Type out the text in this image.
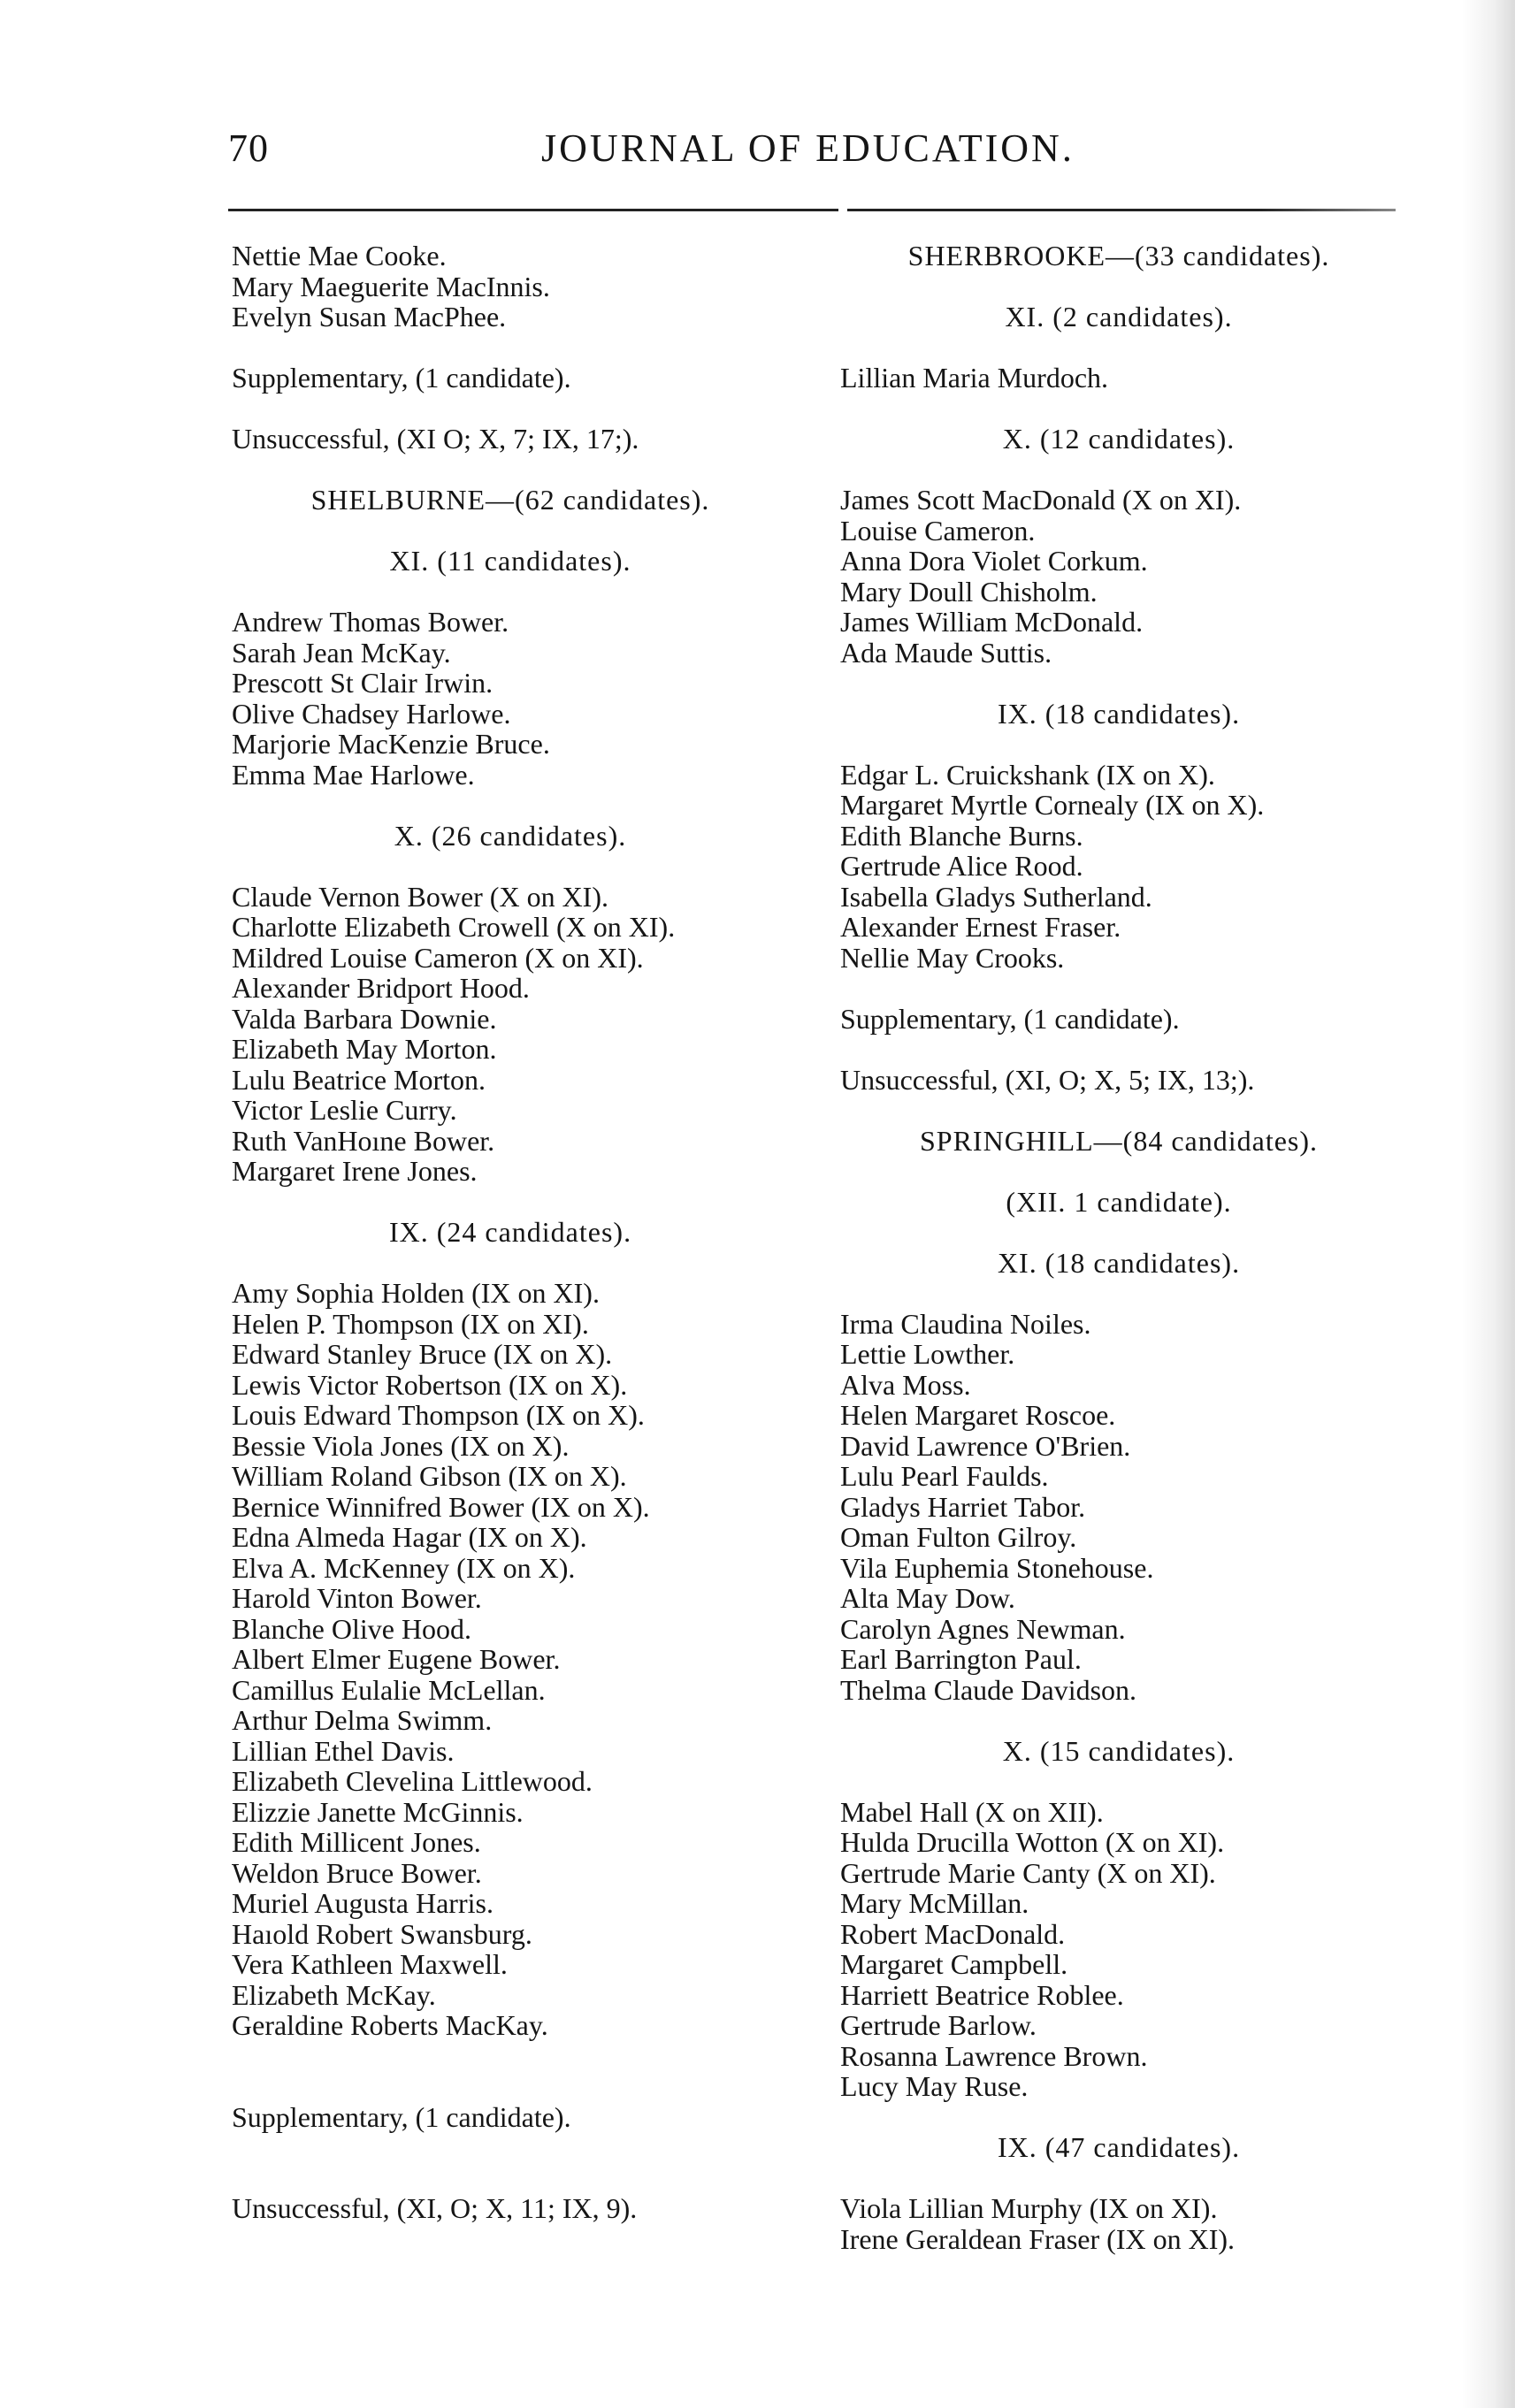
70	JOURNAL OF EDUCATION.
Nettie Mae Cooke.
Mary Maeguerite MacInnis.
Evelyn Susan MacPhee.
Supplementary, (1 candidate).
Unsuccessful, (XI O; X, 7; IX, 17;).
SHELBURNE—(62 candidates).
XI. (11 candidates).
Andrew Thomas Bower.
Sarah Jean McKay.
Prescott St Clair Irwin.
Olive Chadsey Harlowe.
Marjorie MacKenzie Bruce.
Emma Mae Harlowe.
X. (26 candidates).
Claude Vernon Bower (X on XI).
Charlotte Elizabeth Crowell (X on XI).
Mildred Louise Cameron (X on XI).
Alexander Bridport Hood.
Valda Barbara Downie.
Elizabeth May Morton.
Lulu Beatrice Morton.
Victor Leslie Curry.
Ruth VanHoıne Bower.
Margaret Irene Jones.
IX. (24 candidates).
Amy Sophia Holden (IX on XI).
Helen P. Thompson (IX on XI).
Edward Stanley Bruce (IX on X).
Lewis Victor Robertson (IX on X).
Louis Edward Thompson (IX on X).
Bessie Viola Jones (IX on X).
William Roland Gibson (IX on X).
Bernice Winnifred Bower (IX on X).
Edna Almeda Hagar (IX on X).
Elva A. McKenney (IX on X).
Harold Vinton Bower.
Blanche Olive Hood.
Albert Elmer Eugene Bower.
Camillus Eulalie McLellan.
Arthur Delma Swimm.
Lillian Ethel Davis.
Elizabeth Clevelina Littlewood.
Elizzie Janette McGinnis.
Edith Millicent Jones.
Weldon Bruce Bower.
Muriel Augusta Harris.
Haıold Robert Swansburg.
Vera Kathleen Maxwell.
Elizabeth McKay.
Geraldine Roberts MacKay.
Supplementary, (1 candidate).
Unsuccessful, (XI, O; X, 11; IX, 9).
SHERBROOKE—(33 candidates).
XI. (2 candidates).
Lillian Maria Murdoch.
X. (12 candidates).
James Scott MacDonald (X on XI).
Louise Cameron.
Anna Dora Violet Corkum.
Mary Doull Chisholm.
James William McDonald.
Ada Maude Suttis.
IX. (18 candidates).
Edgar L. Cruickshank (IX on X).
Margaret Myrtle Cornealy (IX on X).
Edith Blanche Burns.
Gertrude Alice Rood.
Isabella Gladys Sutherland.
Alexander Ernest Fraser.
Nellie May Crooks.
Supplementary, (1 candidate).
Unsuccessful, (XI, O; X, 5; IX, 13;).
SPRINGHILL—(84 candidates).
(XII. 1 candidate).
XI. (18 candidates).
Irma Claudina Noiles.
Lettie Lowther.
Alva Moss.
Helen Margaret Roscoe.
David Lawrence O'Brien.
Lulu Pearl Faulds.
Gladys Harriet Tabor.
Oman Fulton Gilroy.
Vila Euphemia Stonehouse.
Alta May Dow.
Carolyn Agnes Newman.
Earl Barrington Paul.
Thelma Claude Davidson.
X. (15 candidates).
Mabel Hall (X on XII).
Hulda Drucilla Wotton (X on XI).
Gertrude Marie Canty (X on XI).
Mary McMillan.
Robert MacDonald.
Margaret Campbell.
Harriett Beatrice Roblee.
Gertrude Barlow.
Rosanna Lawrence Brown.
Lucy May Ruse.
IX. (47 candidates).
Viola Lillian Murphy (IX on XI).
Irene Geraldean Fraser (IX on XI).
